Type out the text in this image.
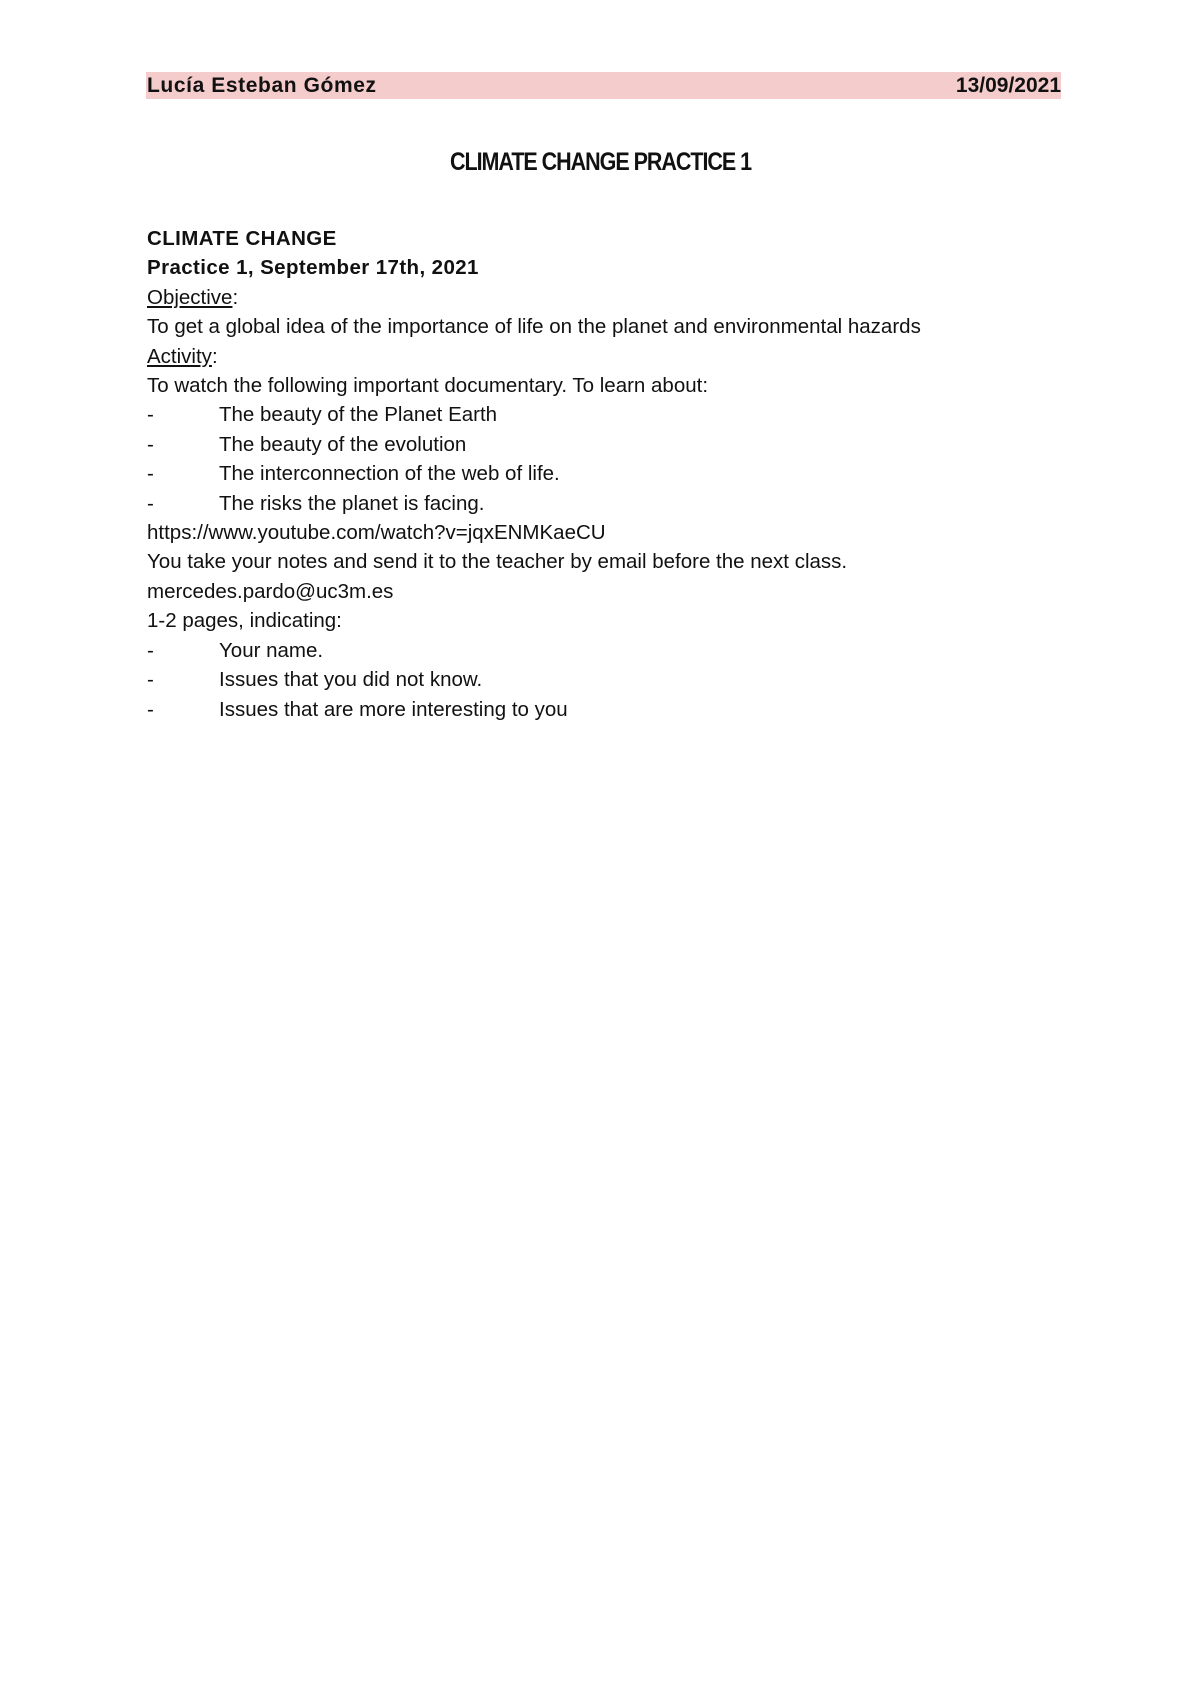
Lucía Esteban Gómez	13/09/2021
CLIMATE CHANGE PRACTICE 1
CLIMATE CHANGE
Practice 1, September 17th, 2021
Objective:
To get a global idea of the importance of life on the planet and environmental hazards
Activity:
To watch the following important documentary. To learn about:
-	The beauty of the Planet Earth
-	The beauty of the evolution
-	The interconnection of the web of life.
-	The risks the planet is facing.
https://www.youtube.com/watch?v=jqxENMKaeCU
You take your notes and send it to the teacher by email before the next class.
mercedes.pardo@uc3m.es
1-2 pages, indicating:
-	Your name.
-	Issues that you did not know.
-	Issues that are more interesting to you
